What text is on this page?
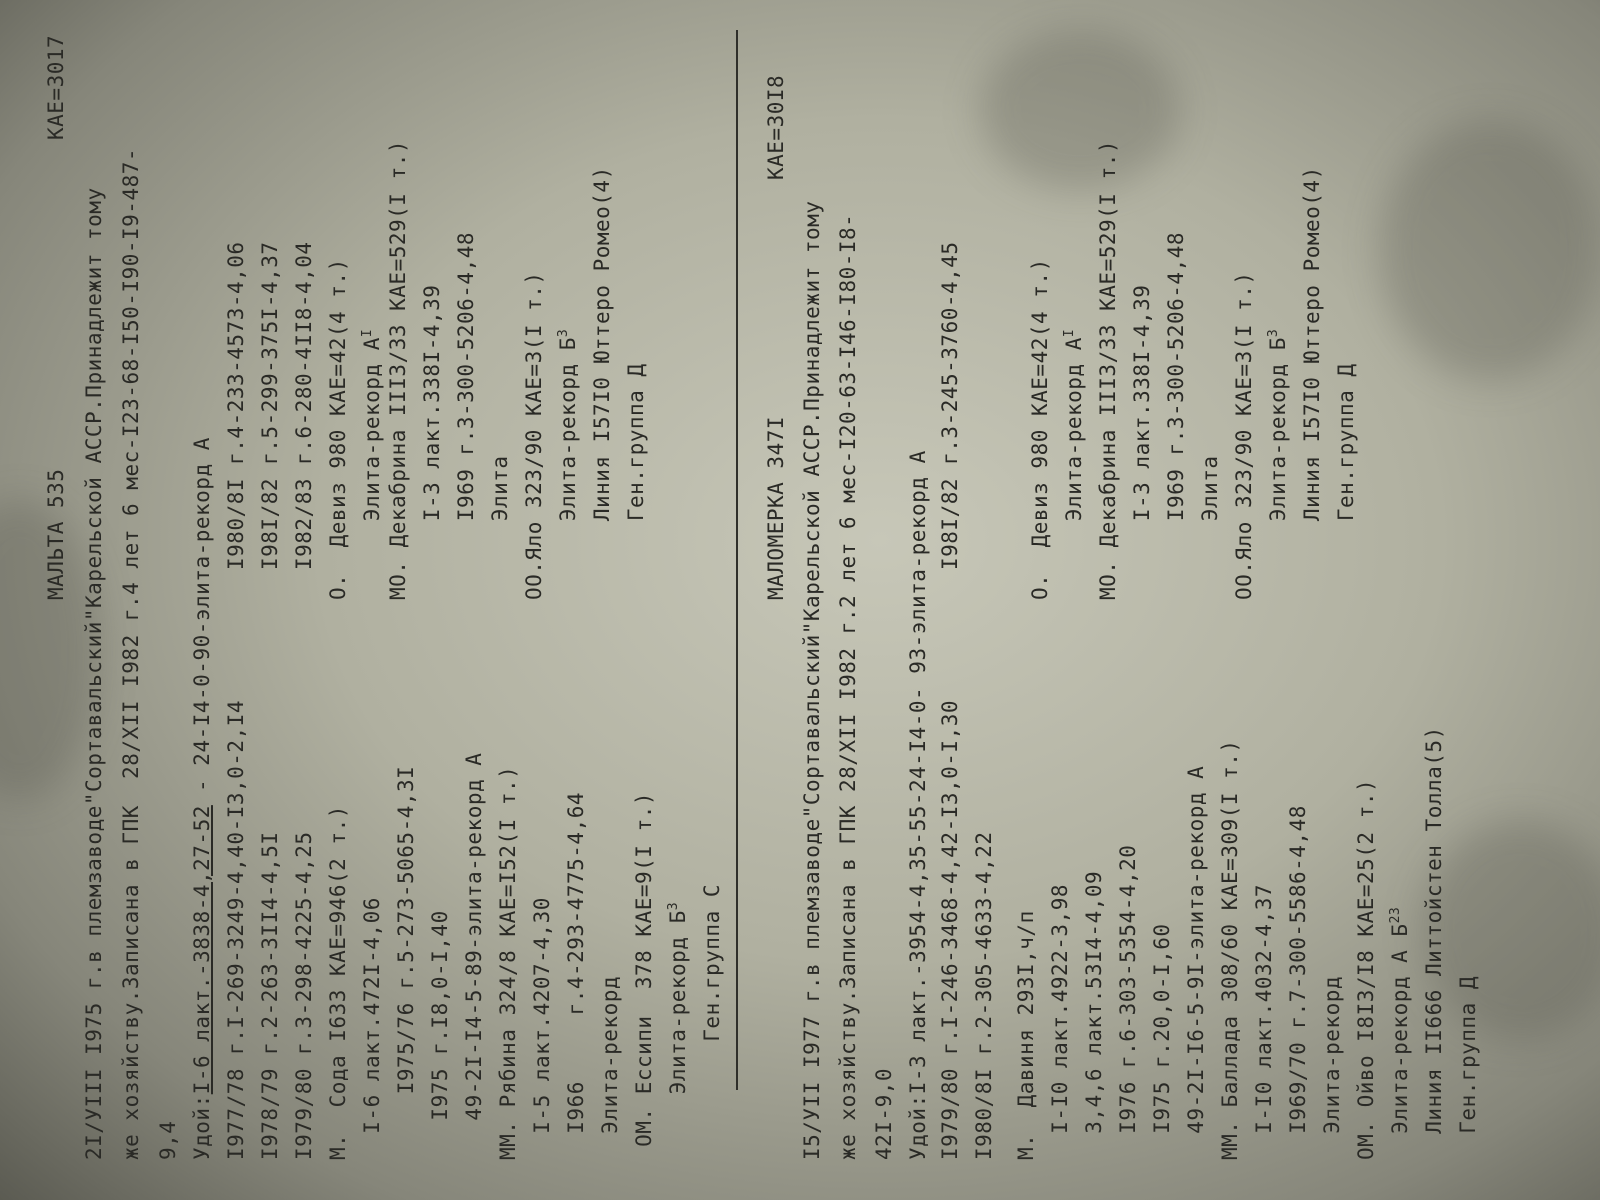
МАЛЬТА 535
КАЕ=3017
2I/УIII I975 г.в племзаводе"Сортавальский"Карельской АССР.Принадлежит тому же хозяйству.Записана в ГПК  28/XII I982 г.4 лет 6 мес-I23-68-I50-I90-I9-487- 9,4 Удой:I-6 лакт.-3838-4,27-52 - 24-I4-0-90-элита-рекорд А
I977/78 г.I-269-3249-4,40-I3,0-2,I4 I978/79 г.2-263-3II4-4,5I I979/80 г.3-298-4225-4,25
I980/8I г.4-233-4573-4,06 I98I/82 г.5-299-375I-4,37 I982/83 г.6-280-4II8-4,04
М.  Сода I633 КАЕ=946(2 т.) I-6 лакт.472I-4,06 I975/76 г.5-273-5065-4,3I I975 г.I8,0-I,40 49-2I-I4-5-89-элита-рекорд А ММ. Рябина 324/8 КАЕ=I52(I т.) I-5 лакт.4207-4,30 I966     г.4-293-4775-4,64 Элита-рекорд ОМ. Ессипи  378 КАЕ=9(I т.) Элита-рекорд $Б^3$ Ген.группа С
О.  Девиз 980 КАЕ=42(4 т.) Элита-рекорд $А^I$ МО. Декабрина III3/33 КАЕ=529(I т.) I-3 лакт.338I-4,39 I969 г.3-300-5206-4,48 Элита ОО.Яло 323/90 КАЕ=3(I т.) Элита-рекорд $Б^3$ Линия I57I0 Юттеро Ромео(4) Ген.группа Д	МАЛОМЕРКА 347I
КАЕ=30I8
I5/УII I977 г.в племзаводе"Сортавальский"Карельской АССР.Принадлежит тому же хозяйству.Записана в ГПК 28/XII I982 г.2 лет 6 мес-I20-63-I46-I80-I8- 42I-9,0 Удой:I-3 лакт.-3954-4,35-55-24-I4-0- 93-элита-рекорд А I979/80 г.I-246-3468-4,42-I3,0-I,30 I980/8I г.2-305-4633-4,22
I98I/82 г.3-245-3760-4,45
М.  Давиня 293I,ч/п I-I0 лакт.4922-3,98 3,4,6 лакт.53I4-4,09 I976 г.6-303-5354-4,20 I975 г.20,0-I,60 49-2I-I6-5-9I-элита-рекорд А ММ. Баллада 308/60 КАЕ=309(I т.) I-I0 лакт.4032-4,37 I969/70 г.7-300-5586-4,48 Элита-рекорд ОМ. Ойво I8I3/I8 КАЕ=25(2 т.) Элита-рекорд А $Б^{23}$ Линия II666 Литтойстен Толла(5) Ген.группа Д
О.  Девиз 980 КАЕ=42(4 т.) Элита-рекорд $А^I$ МО. Декабрина III3/33 КАЕ=529(I т.) I-3 лакт.338I-4,39 I969 г.3-300-5206-4,48 Элита ОО.Яло 323/90 КАЕ=3(I т.) Элита-рекорд $Б^3$ Линия I57I0 Юттеро Ромео(4) Ген.группа Д
